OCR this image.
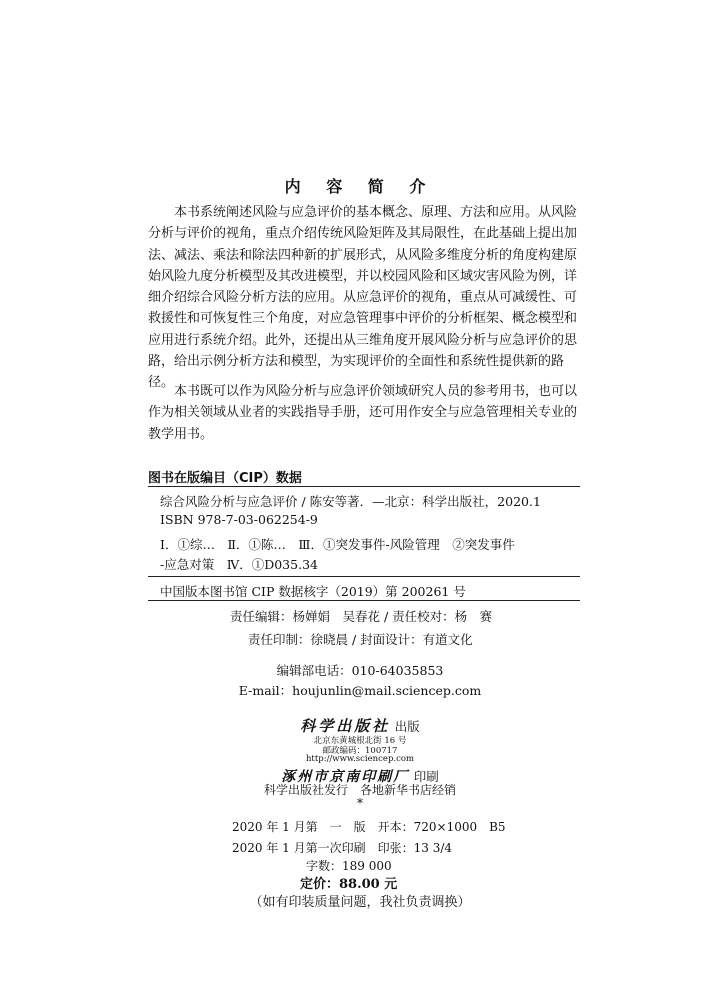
内 容 简 介

本书系统阐述风险与应急评价的基本概念、原理、方法和应用。从风险分析与评价的视角，重点介绍传统风险矩阵及其局限性，在此基础上提出加法、减法、乘法和除法四种新的扩展形式，从风险多维度分析的角度构建原始风险九度分析模型及其改进模型，并以校园风险和区域灾害风险为例，详细介绍综合风险分析方法的应用。从应急评价的视角，重点从可减缓性、可救援性和可恢复性三个角度，对应急管理事中评价的分析框架、概念模型和应用进行系统介绍。此外，还提出从三维角度开展风险分析与应急评价的思路，给出示例分析方法和模型，为实现评价的全面性和系统性提供新的路径。

本书既可以作为风险分析与应急评价领域研究人员的参考用书，也可以作为相关领域从业者的实践指导手册，还可用作安全与应急管理相关专业的教学用书。

图书在版编目（CIP）数据
综合风险分析与应急评价 / 陈安等著．—北京：科学出版社，2020.1
ISBN 978-7-03-062254-9
Ⅰ．①综…　Ⅱ．①陈…　Ⅲ．①突发事件-风险管理　②突发事件
-应急对策　Ⅳ．①D035.34
中国版本图书馆 CIP 数据核字（2019）第 200261 号
责任编辑：杨婵娟　吴春花 / 责任校对：杨　赛
责任印制：徐晓晨 / 封面设计：有道文化
编辑部电话：010-64035853
E-mail：houjunlin@mail.sciencep.com
科学出版社 出版
北京东黄城根北街 16 号
邮政编码：100717
http://www.sciencep.com
涿州市京南印刷厂 印刷
科学出版社发行　各地新华书店经销
*
2020 年 1 月第　一　版　开本：720×1000　B5
2020 年 1 月第一次印刷　印张：13 3/4
字数：189 000
定价：88.00 元
（如有印装质量问题，我社负责调换）
